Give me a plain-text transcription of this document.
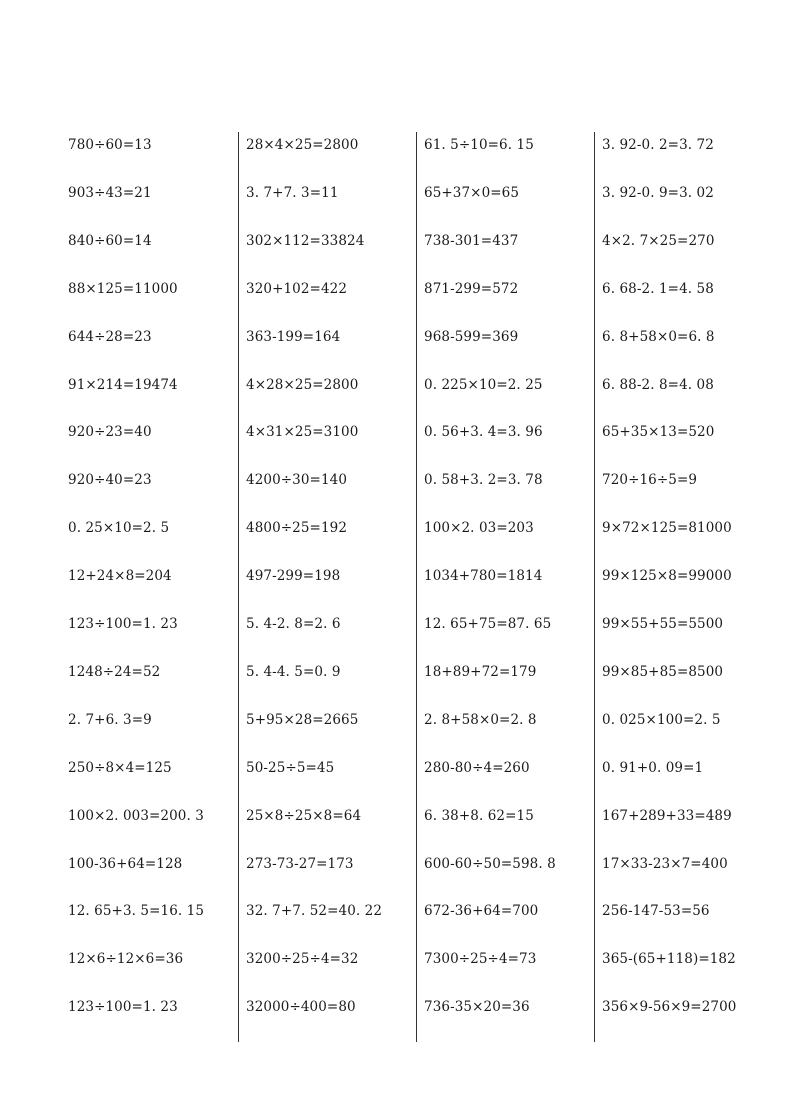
780÷60=13
903÷43=21
840÷60=14
88×125=11000
644÷28=23
91×214=19474
920÷23=40
920÷40=23
0. 25×10=2. 5
12+24×8=204
123÷100=1. 23
1248÷24=52
2. 7+6. 3=9
250÷8×4=125
100×2. 003=200. 3
100-36+64=128
12. 65+3. 5=16. 15
12×6÷12×6=36
123÷100=1. 23
28×4×25=2800
3. 7+7. 3=11
302×112=33824
320+102=422
363-199=164
4×28×25=2800
4×31×25=3100
4200÷30=140
4800÷25=192
497-299=198
5. 4-2. 8=2. 6
5. 4-4. 5=0. 9
5+95×28=2665
50-25÷5=45
25×8÷25×8=64
273-73-27=173
32. 7+7. 52=40. 22
3200÷25÷4=32
32000÷400=80
61. 5÷10=6. 15
65+37×0=65
738-301=437
871-299=572
968-599=369
0. 225×10=2. 25
0. 56+3. 4=3. 96
0. 58+3. 2=3. 78
100×2. 03=203
1034+780=1814
12. 65+75=87. 65
18+89+72=179
2. 8+58×0=2. 8
280-80÷4=260
6. 38+8. 62=15
600-60÷50=598. 8
672-36+64=700
7300÷25÷4=73
736-35×20=36
3. 92-0. 2=3. 72
3. 92-0. 9=3. 02
4×2. 7×25=270
6. 68-2. 1=4. 58
6. 8+58×0=6. 8
6. 88-2. 8=4. 08
65+35×13=520
720÷16÷5=9
9×72×125=81000
99×125×8=99000
99×55+55=5500
99×85+85=8500
0. 025×100=2. 5
0. 91+0. 09=1
167+289+33=489
17×33-23×7=400
256-147-53=56
365-(65+118)=182
356×9-56×9=2700
